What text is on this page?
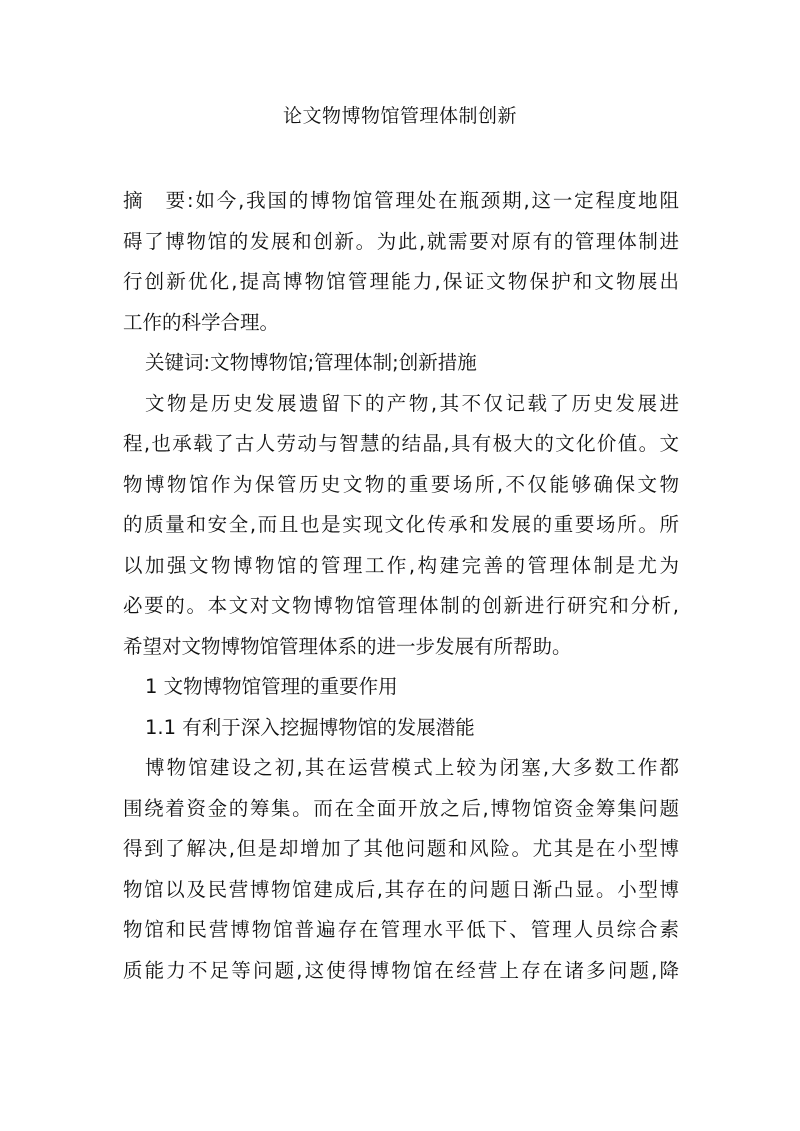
论文物博物馆管理体制创新
摘　要:如今,我国的博物馆管理处在瓶颈期,这一定程度地阻
碍了博物馆的发展和创新。为此,就需要对原有的管理体制进
行创新优化,提高博物馆管理能力,保证文物保护和文物展出
工作的科学合理。
关键词:文物博物馆;管理体制;创新措施
文物是历史发展遗留下的产物,其不仅记载了历史发展进
程,也承载了古人劳动与智慧的结晶,具有极大的文化价值。文
物博物馆作为保管历史文物的重要场所,不仅能够确保文物
的质量和安全,而且也是实现文化传承和发展的重要场所。所
以加强文物博物馆的管理工作,构建完善的管理体制是尤为
必要的。本文对文物博物馆管理体制的创新进行研究和分析,
希望对文物博物馆管理体系的进一步发展有所帮助。
1 文物博物馆管理的重要作用
1.1 有利于深入挖掘博物馆的发展潜能
博物馆建设之初,其在运营模式上较为闭塞,大多数工作都
围绕着资金的筹集。而在全面开放之后,博物馆资金筹集问题
得到了解决,但是却增加了其他问题和风险。尤其是在小型博
物馆以及民营博物馆建成后,其存在的问题日渐凸显。小型博
物馆和民营博物馆普遍存在管理水平低下、管理人员综合素
质能力不足等问题,这使得博物馆在经营上存在诸多问题,降
